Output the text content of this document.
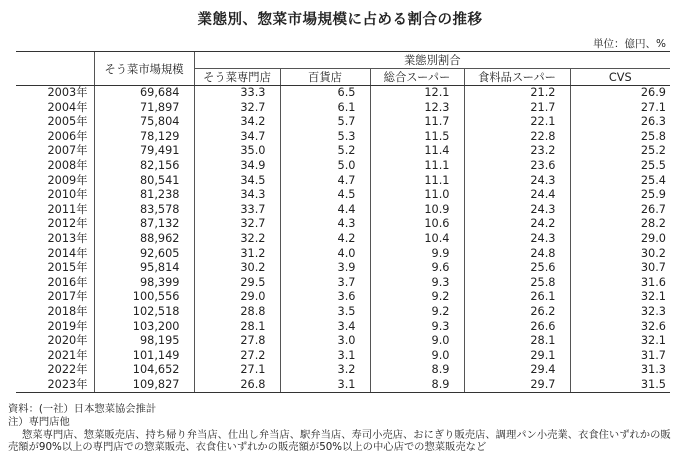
業態別、惣菜市場規模に占める割合の推移
単位：億円、%
	そう菜市場規模	業態別割合				
		そう菜専門店	百貨店	総合スーパー	食料品スーパー	CVS
2003年	69,684	33.3	6.5	12.1	21.2	26.9
2004年	71,897	32.7	6.1	12.3	21.7	27.1
2005年	75,804	34.2	5.7	11.7	22.1	26.3
2006年	78,129	34.7	5.3	11.5	22.8	25.8
2007年	79,491	35.0	5.2	11.4	23.2	25.2
2008年	82,156	34.9	5.0	11.1	23.6	25.5
2009年	80,541	34.5	4.7	11.1	24.3	25.4
2010年	81,238	34.3	4.5	11.0	24.4	25.9
2011年	83,578	33.7	4.4	10.9	24.3	26.7
2012年	87,132	32.7	4.3	10.6	24.2	28.2
2013年	88,962	32.2	4.2	10.4	24.3	29.0
2014年	92,605	31.2	4.0	9.9	24.8	30.2
2015年	95,814	30.2	3.9	9.6	25.6	30.7
2016年	98,399	29.5	3.7	9.3	25.8	31.6
2017年	100,556	29.0	3.6	9.2	26.1	32.1
2018年	102,518	28.8	3.5	9.2	26.2	32.3
2019年	103,200	28.1	3.4	9.3	26.6	32.6
2020年	98,195	27.8	3.0	9.0	28.1	32.1
2021年	101,149	27.2	3.1	9.0	29.1	31.7
2022年	104,652	27.1	3.2	8.9	29.4	31.3
2023年	109,827	26.8	3.1	8.9	29.7	31.5
資料：(一社）日本惣菜協会推計
注）専門店他
惣菜専門店、惣菜販売店、持ち帰り弁当店、仕出し弁当店、駅弁当店、寿司小売店、おにぎり販売店、調理パン小売業、衣食住いずれかの販
売額が90%以上の専門店での惣菜販売、衣食住いずれかの販売額が50%以上の中心店での惣菜販売など
